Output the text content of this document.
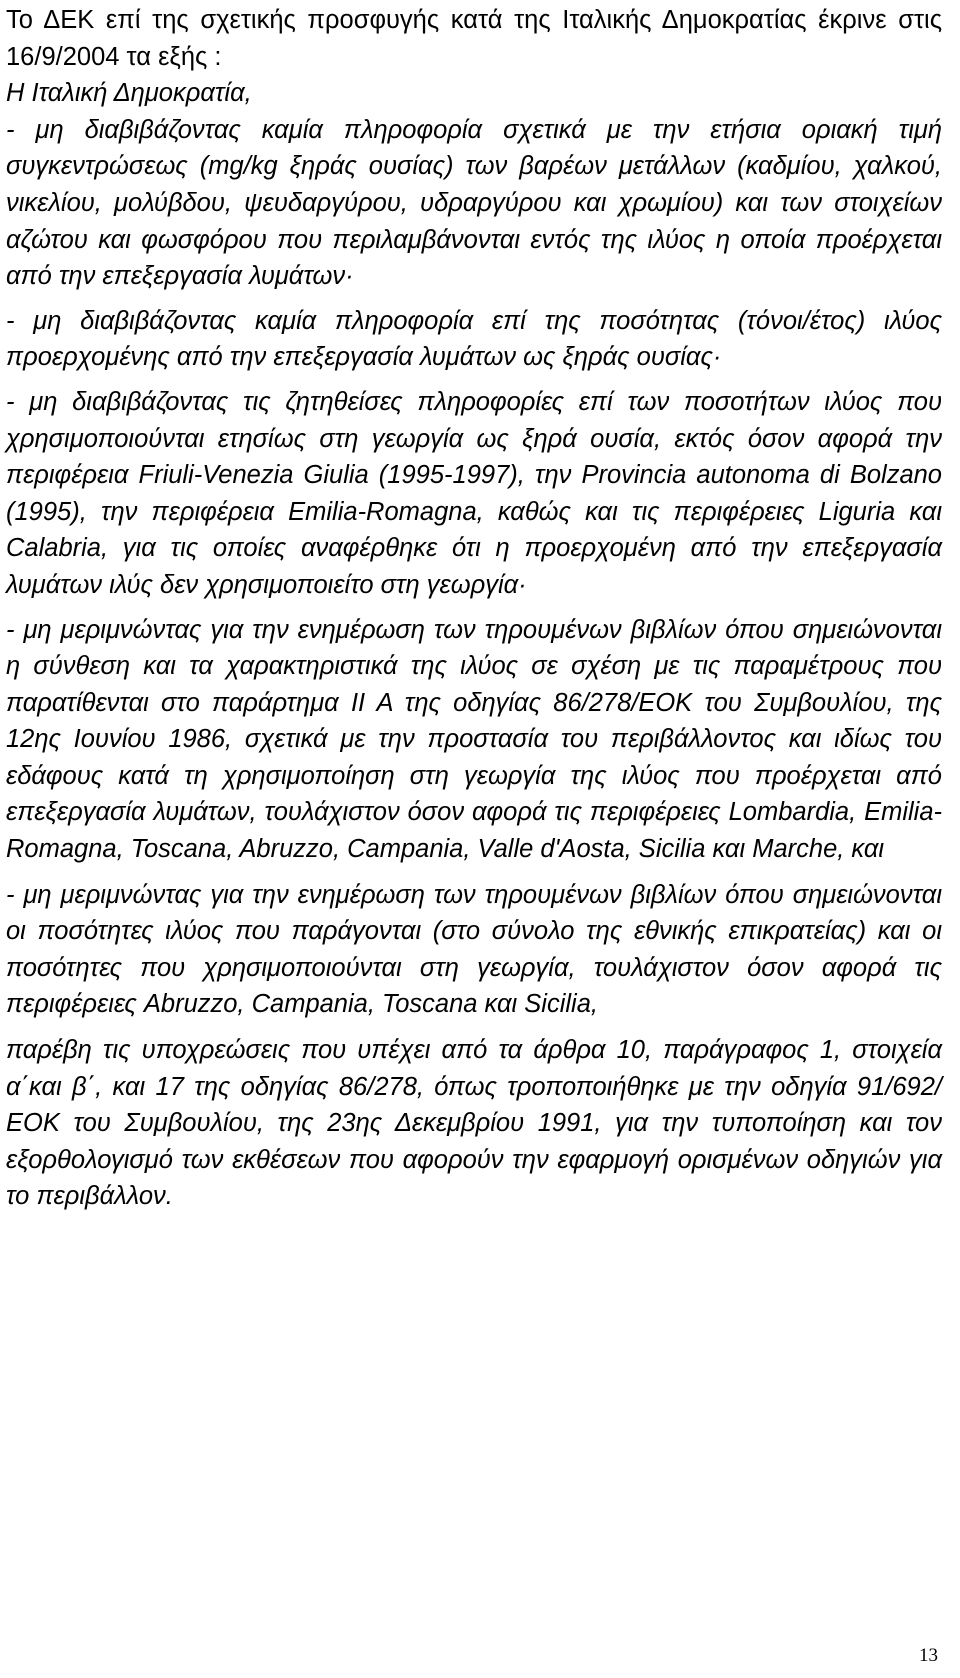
Το ΔΕΚ επί της σχετικής προσφυγής κατά της Ιταλικής Δημοκρατίας έκρινε στις 16/9/2004 τα εξής :

Η Ιταλική Δημοκρατία,

- μη διαβιβάζοντας καμία πληροφορία σχετικά με την ετήσια οριακή τιμή συγκεντρώσεως (mg/kg ξηράς ουσίας) των βαρέων μετάλλων (καδμίου, χαλκού, νικελίου, μολύβδου, ψευδαργύρου, υδραργύρου και χρωμίου) και των στοιχείων αζώτου και φωσφόρου που περιλαμβάνονται εντός της ιλύος η οποία προέρχεται από την επεξεργασία λυμάτων·

- μη διαβιβάζοντας καμία πληροφορία επί της ποσότητας (τόνοι/έτος) ιλύος προερχομένης από την επεξεργασία λυμάτων ως ξηράς ουσίας·

- μη διαβιβάζοντας τις ζητηθείσες πληροφορίες επί των ποσοτήτων ιλύος που χρησιμοποιούνται ετησίως στη γεωργία ως ξηρά ουσία, εκτός όσον αφορά την περιφέρεια Friuli-Venezia Giulia (1995-1997), την Provincia autonoma di Bolzano (1995), την περιφέρεια Emilia-Romagna, καθώς και τις περιφέρειες Liguria και Calabria, για τις οποίες αναφέρθηκε ότι η προερχομένη από την επεξεργασία λυμάτων ιλύς δεν χρησιμοποιείτο στη γεωργία·

- μη μεριμνώντας για την ενημέρωση των τηρουμένων βιβλίων όπου σημειώνονται η σύνθεση και τα χαρακτηριστικά της ιλύος σε σχέση με τις παραμέτρους που παρατίθενται στο παράρτημα II A της οδηγίας 86/278/ΕΟΚ του Συμβουλίου, της 12ης Ιουνίου 1986, σχετικά με την προστασία του περιβάλλοντος και ιδίως του εδάφους κατά τη χρησιμοποίηση στη γεωργία της ιλύος που προέρχεται από επεξεργασία λυμάτων, τουλάχιστον όσον αφορά τις περιφέρειες Lombardia, Emilia-Romagna, Toscana, Abruzzo, Campania, Valle d'Aosta, Sicilia και Marche, και

- μη μεριμνώντας για την ενημέρωση των τηρουμένων βιβλίων όπου σημειώνονται οι ποσότητες ιλύος που παράγονται (στο σύνολο της εθνικής επικρατείας) και οι ποσότητες που χρησιμοποιούνται στη γεωργία, τουλάχιστον όσον αφορά τις περιφέρειες Abruzzo, Campania, Toscana και Sicilia,

παρέβη τις υποχρεώσεις που υπέχει από τα άρθρα 10, παράγραφος 1, στοιχεία α΄και β΄, και 17 της οδηγίας 86/278, όπως τροποποιήθηκε με την οδηγία 91/692/ΕΟΚ του Συμβουλίου, της 23ης Δεκεμβρίου 1991, για την τυποποίηση και τον εξορθολογισμό των εκθέσεων που αφορούν την εφαρμογή ορισμένων οδηγιών για το περιβάλλον.

13
